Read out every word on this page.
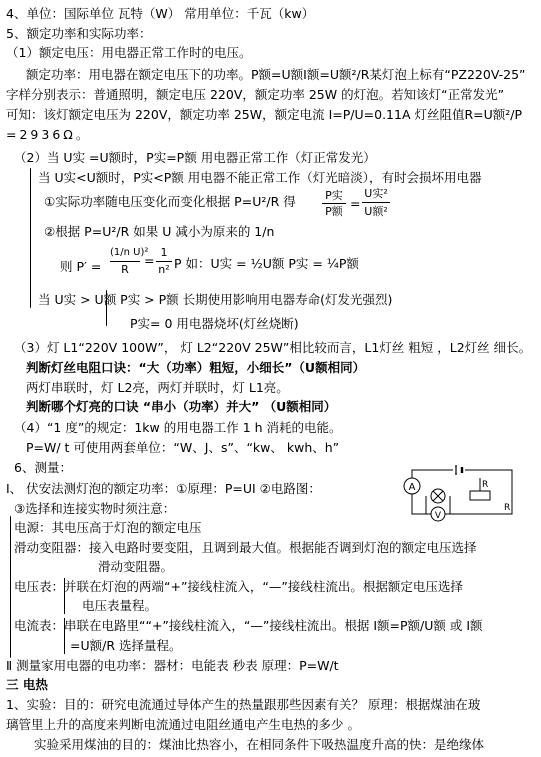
4、单位：国际单位 瓦特（W） 常用单位：千瓦（kw）
5、额定功率和实际功率：
（1）额定电压：用电器正常工作时的电压。
额定功率：用电器在额定电压下的功率。P额=U额I额=U额²/R某灯泡上标有“PZ220V-25”
字样分别表示：普通照明，额定电压 220V，额定功率 25W 的灯泡。若知该灯“正常发光”
可知：该灯额定电压为 220V，额定功率 25W，额定电流 I=P/U=0.11A 灯丝阻值R=U额²/P
=2936Ω。
（2）当 U实 =U额时，P实=P额 用电器正常工作（灯正常发光）
当 U实<U额时，P实<P额 用电器不能正常工作（灯光暗淡），有时会损坏用电器
①实际功率随电压变化而变化根据 P=U²/R 得	P实
P额
=
U实²
U额²
②根据 P=U²/R 如果 U 减小为原来的 1/n
则 P′ =
(1/n U)²
R
=
1
n² P 如：U实 = ½U额 P实 = ¼P额
当 U实 > U额 P实 > P额 长期使用影响用电器寿命(灯发光强烈)
P实= 0 用电器烧坏(灯丝烧断)
（3）灯 L1“220V 100W”， 灯 L2“220V 25W”相比较而言，L1灯丝 粗短 ，L2灯丝 细长。
判断灯丝电阻口诀：“大（功率）粗短，小细长”（U额相同）
两灯串联时，灯 L2亮，两灯并联时，灯 L1亮。
判断哪个灯亮的口诀 “串小（功率）并大” （U额相同）
（4）“1 度”的规定：1kw 的用电器工作 1 h 消耗的电能。
P=W/ t 可使用两套单位：“W、J、s”、“kw、 kwh、h”
6、测量：
Ⅰ、 伏安法测灯泡的额定功率：①原理：P=UI ②电路图：
③选择和连接实物时须注意：
A	R
R
V
电源：其电压高于灯泡的额定电压
滑动变阻器：接入电路时要变阻，且调到最大值。根据能否调到灯泡的额定电压选择
滑动变阻器。
电压表：并联在灯泡的两端“+”接线柱流入，“—”接线柱流出。根据额定电压选择
电压表量程。
电流表：串联在电路里““+”接线柱流入，“—”接线柱流出。根据 I额=P额/U额 或 I额
=U额/R 选择量程。
Ⅱ 测量家用电器的电功率：器材：电能表 秒表 原理：P=W/t
三 电热
1、实验：目的：研究电流通过导体产生的热量跟那些因素有关？ 原理：根据煤油在玻
璃管里上升的高度来判断电流通过电阻丝通电产生电热的多少 。
实验采用煤油的目的：煤油比热容小，在相同条件下吸热温度升高的快：是绝缘体
